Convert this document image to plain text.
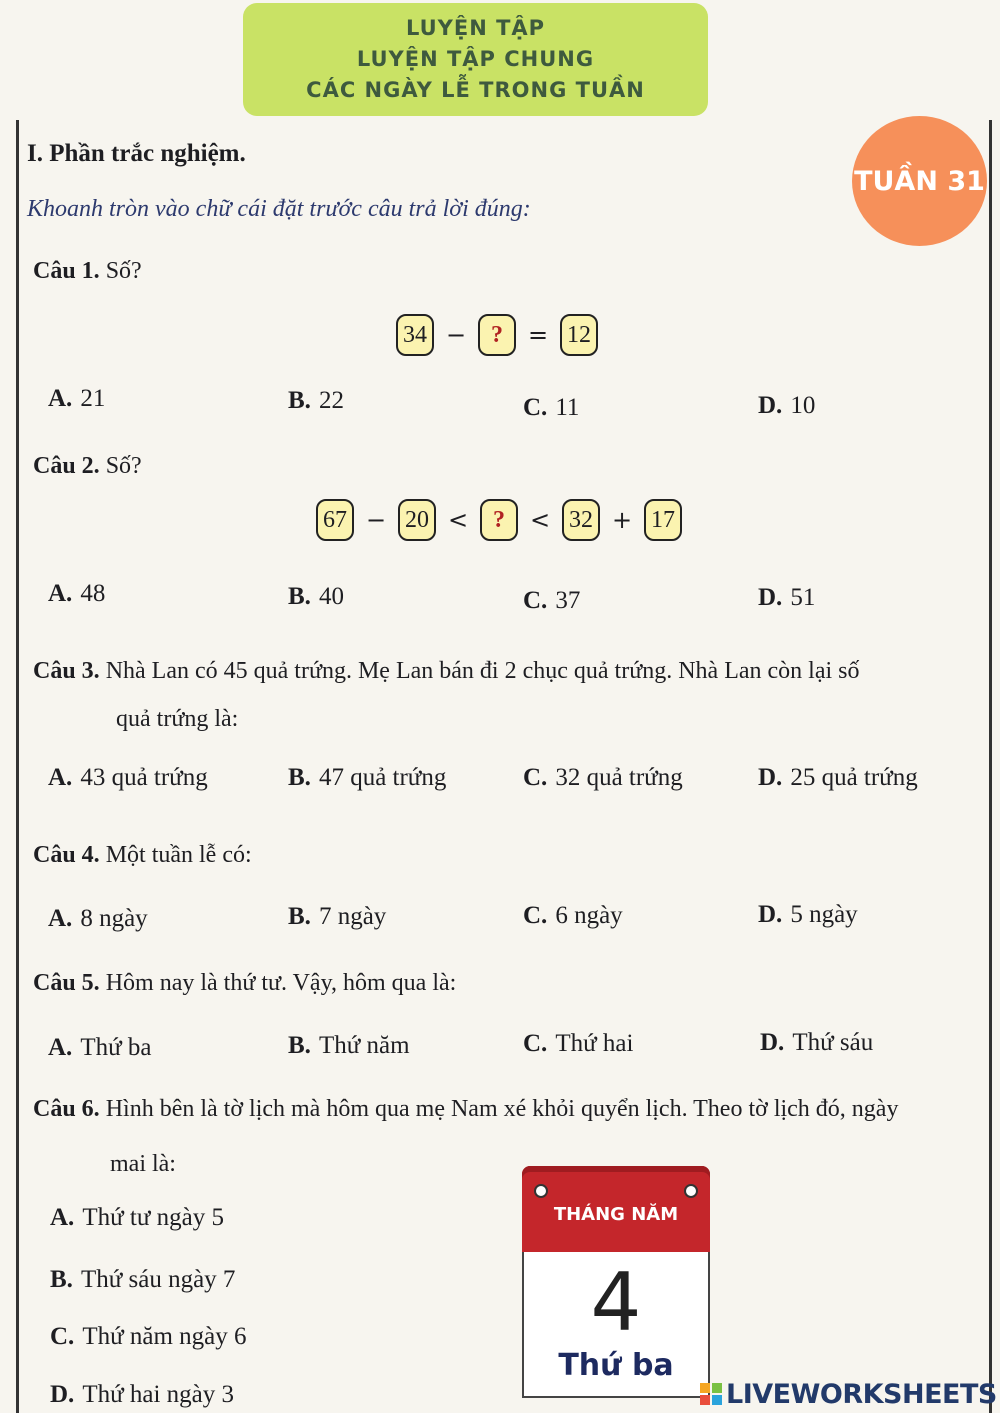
LUYỆN TẬP
LUYỆN TẬP CHUNG
CÁC NGÀY LỄ TRONG TUẦN
TUẦN 31
I. Phần trắc nghiệm.
Khoanh tròn vào chữ cái đặt trước câu trả lời đúng:
Câu 1. Số?
34 −	?	= 12
A. 21	B. 22	C. 11	D. 10
Câu 2. Số?
67 − 20 <	?	< 32 + 17
A. 48	B. 40	C. 37	D. 51
Câu 3. Nhà Lan có 45 quả trứng. Mẹ Lan bán đi 2 chục quả trứng. Nhà Lan còn lại số
quả trứng là:
A. 43 quả trứng	B. 47 quả trứng	C. 32 quả trứng	D. 25 quả trứng
Câu 4. Một tuần lễ có:
A. 8 ngày	B. 7 ngày	C. 6 ngày	D. 5 ngày
Câu 5. Hôm nay là thứ tư. Vậy, hôm qua là:
A. Thứ ba	B. Thứ năm	C. Thứ hai	D. Thứ sáu
Câu 6. Hình bên là tờ lịch mà hôm qua mẹ Nam xé khỏi quyển lịch. Theo tờ lịch đó, ngày
mai là:
A. Thứ tư ngày 5
B. Thứ sáu ngày 7
C. Thứ năm ngày 6
D. Thứ hai ngày 3
THÁNG NĂM
4
Thứ ba
LIVEWORKSHEETS
